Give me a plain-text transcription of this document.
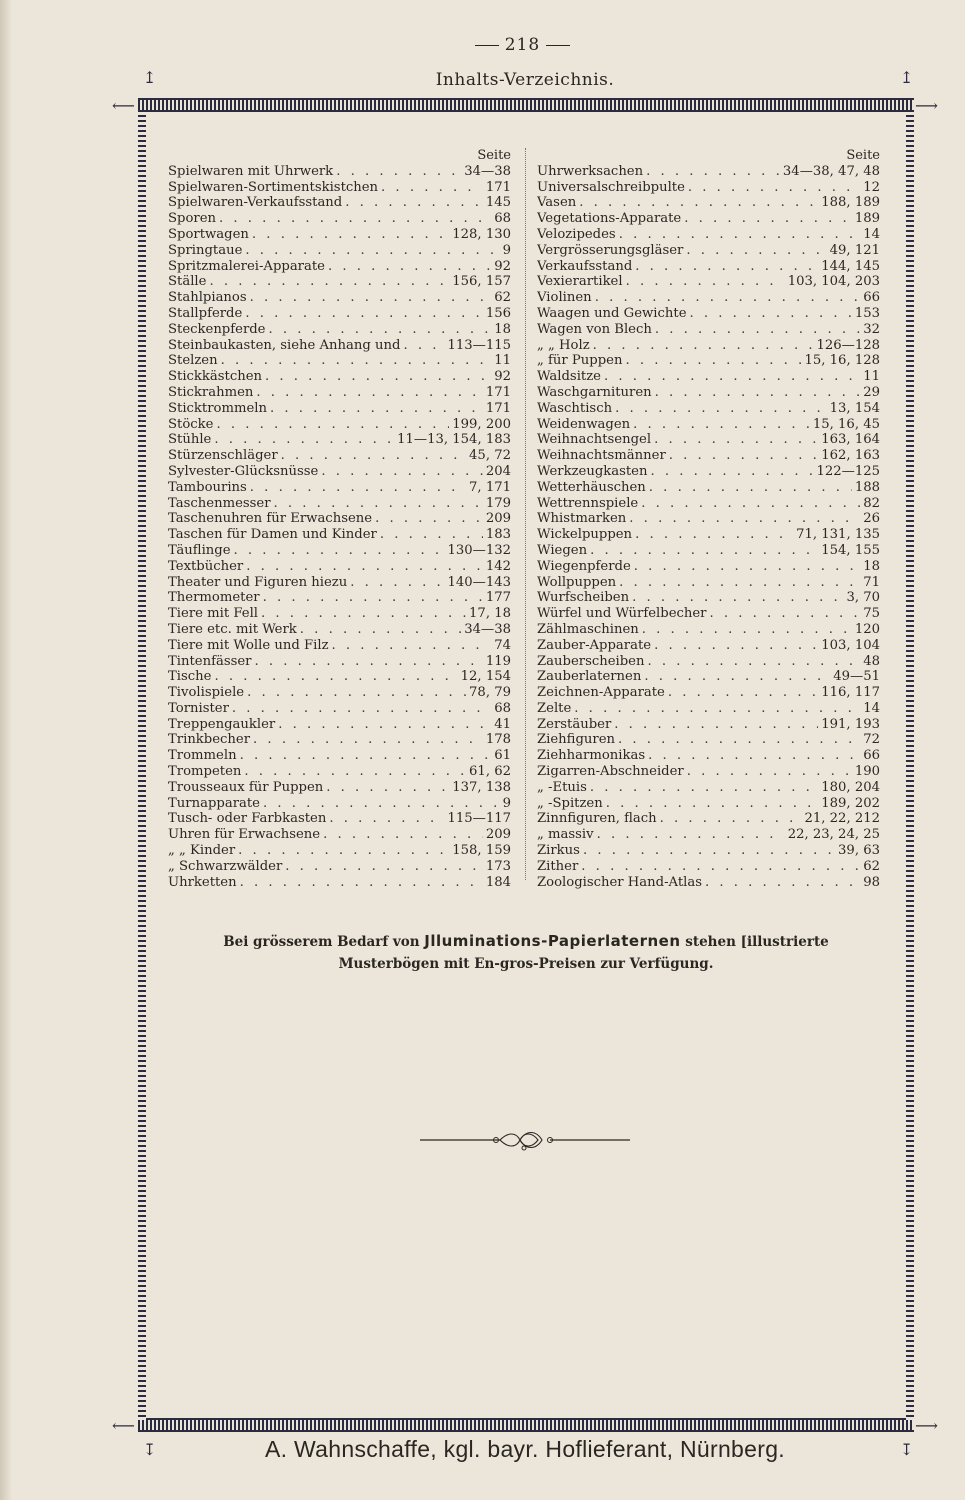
218
Inhalts-Verzeichnis.
↥	↥
⟵	⟶
⟵	⟶
↧	↧
Seite
Spielwaren mit Uhrwerk . . .	34—38
Spielwaren-Sortimentskistchen . . .	171
Spielwaren-Verkaufsstand . . .	145
Sporen . . .	68
Sportwagen . . .	128, 130
Springtaue . . .	9
Spritzmalerei-Apparate . . .	92
Ställe . . .	156, 157
Stahlpianos . . .	62
Stallpferde . . .	156
Steckenpferde . . .	18
Steinbaukasten, siehe Anhang und . . .	113—115
Stelzen . . .	11
Stickkästchen . . .	92
Stickrahmen . . .	171
Sticktrommeln . . .	171
Stöcke . . .	199, 200
Stühle . . .	11—13, 154, 183
Stürzenschläger . . .	45, 72
Sylvester-Glücksnüsse . . .	204
Tambourins . . .	7, 171
Taschenmesser . . .	179
Taschenuhren für Erwachsene . . .	209
Taschen für Damen und Kinder . . .	183
Täuflinge . . .	130—132
Textbücher . . .	142
Theater und Figuren hiezu . . .	140—143
Thermometer . . .	177
Tiere mit Fell . . .	17, 18
Tiere etc. mit Werk . . .	34—38
Tiere mit Wolle und Filz . . .	74
Tintenfässer . . .	119
Tische . . .	12, 154
Tivolispiele . . .	78, 79
Tornister . . .	68
Treppengaukler . . .	41
Trinkbecher . . .	178
Trommeln . . .	61
Trompeten . . .	61, 62
Trousseaux für Puppen . . .	137, 138
Turnapparate . . .	9
Tusch- oder Farbkasten . . .	115—117
Uhren für Erwachsene . . .	209
„ „ Kinder . . .	158, 159
„ Schwarzwälder . . .	173
Uhrketten . . .	184
Seite
Uhrwerksachen . . .	34—38, 47, 48
Universalschreibpulte . . .	12
Vasen . . .	188, 189
Vegetations-Apparate . . .	189
Velozipedes . . .	14
Vergrösserungsgläser . . .	49, 121
Verkaufsstand . . .	144, 145
Vexierartikel . . .	103, 104, 203
Violinen . . .	66
Waagen und Gewichte . . .	153
Wagen von Blech . . .	32
„ „ Holz . . .	126—128
„ für Puppen . . .	15, 16, 128
Waldsitze . . .	11
Waschgarnituren . . .	29
Waschtisch . . .	13, 154
Weidenwagen . . .	15, 16, 45
Weihnachtsengel . . .	163, 164
Weihnachtsmänner . . .	162, 163
Werkzeugkasten . . .	122—125
Wetterhäuschen . . .	188
Wettrennspiele . . .	82
Whistmarken . . .	26
Wickelpuppen . . .	71, 131, 135
Wiegen . . .	154, 155
Wiegenpferde . . .	18
Wollpuppen . . .	71
Wurfscheiben . . .	3, 70
Würfel und Würfelbecher . . .	75
Zählmaschinen . . .	120
Zauber-Apparate . . .	103, 104
Zauberscheiben . . .	48
Zauberlaternen . . .	49—51
Zeichnen-Apparate . . .	116, 117
Zelte . . .	14
Zerstäuber . . .	191, 193
Ziehfiguren . . .	72
Ziehharmonikas . . .	66
Zigarren-Abschneider . . .	190
„ -Etuis . . .	180, 204
„ -Spitzen . . .	189, 202
Zinnfiguren, flach . . .	21, 22, 212
„ massiv . . .	22, 23, 24, 25
Zirkus . . .	39, 63
Zither . . .	62
Zoologischer Hand-Atlas . . .	98
Bei grösserem Bedarf von Jlluminations-Papierlaternen stehen [illustrierte
Musterbögen mit En-gros-Preisen zur Verfügung.
A. Wahnschaffe, kgl. bayr. Hoflieferant, Nürnberg.
